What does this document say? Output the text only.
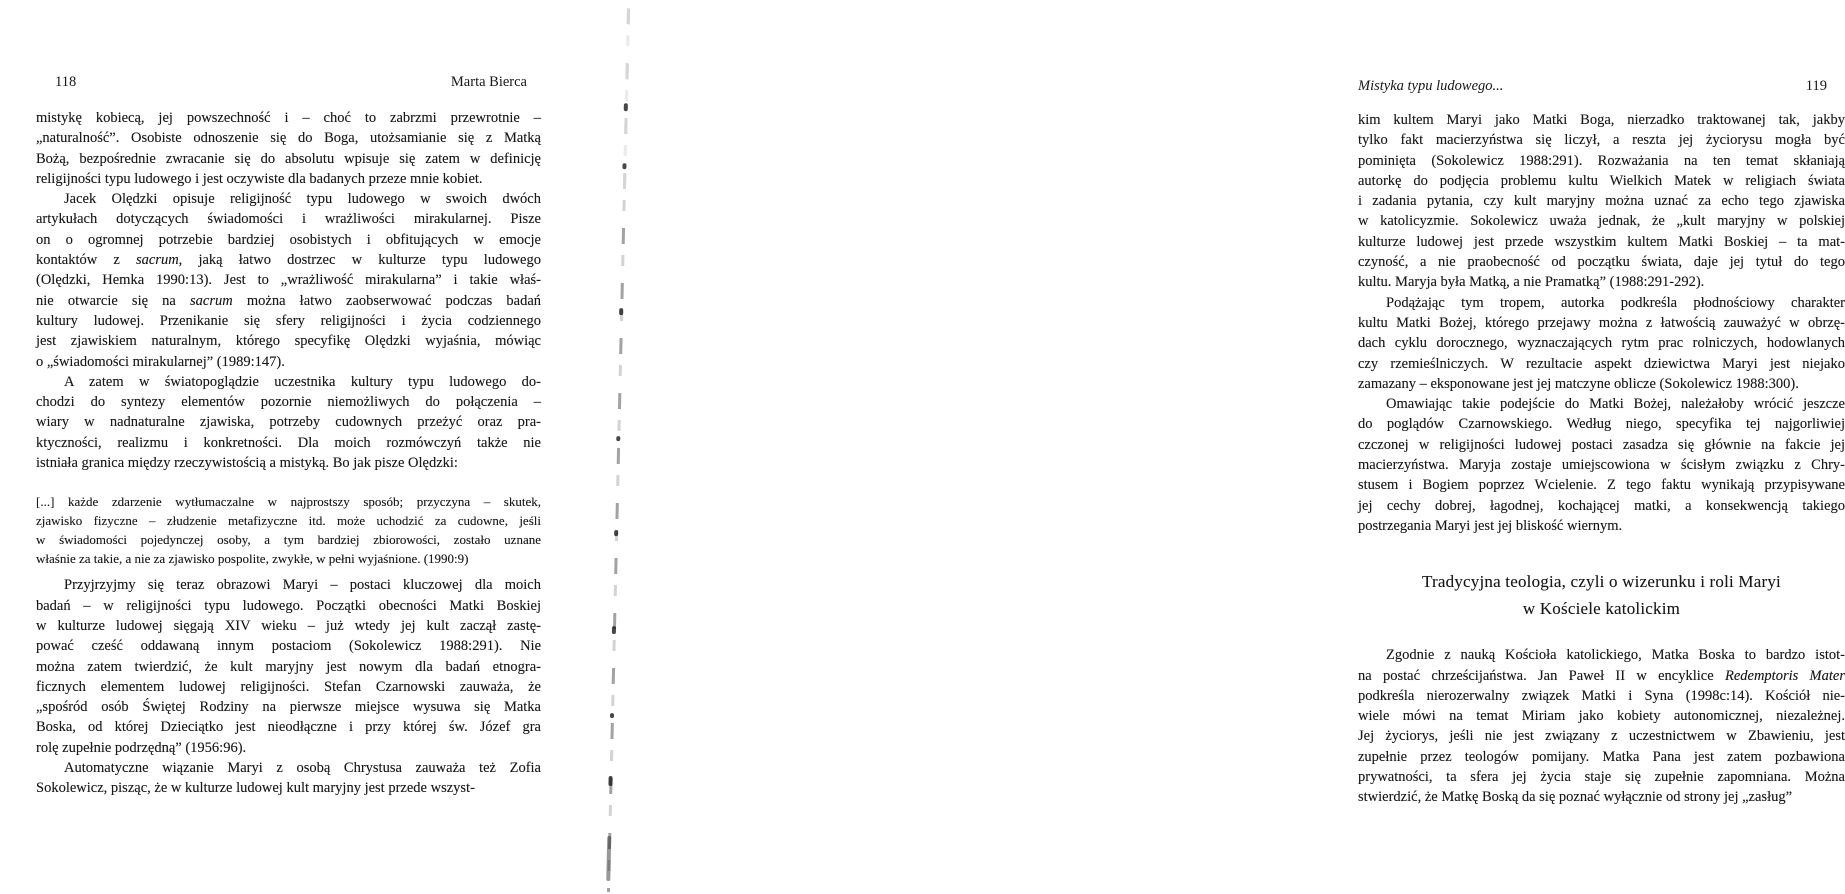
118	Marta Bierca
mistykę kobiecą, jej powszechność i – choć to zabrzmi przewrotnie –
„naturalność”. Osobiste odnoszenie się do Boga, utożsamianie się z Matką
Bożą, bezpośrednie zwracanie się do absolutu wpisuje się zatem w definicję
religijności typu ludowego i jest oczywiste dla badanych przeze mnie kobiet.
Jacek Olędzki opisuje religijność typu ludowego w swoich dwóch
artykułach dotyczących świadomości i wrażliwości mirakularnej. Pisze
on o ogromnej potrzebie bardziej osobistych i obfitujących w emocje
kontaktów z sacrum, jaką łatwo dostrzec w kulturze typu ludowego
(Olędzki, Hemka 1990:13). Jest to „wrażliwość mirakularna” i takie właś-
nie otwarcie się na sacrum można łatwo zaobserwować podczas badań
kultury ludowej. Przenikanie się sfery religijności i życia codziennego
jest zjawiskiem naturalnym, którego specyfikę Olędzki wyjaśnia, mówiąc
o „świadomości mirakularnej” (1989:147).
A zatem w światopoglądzie uczestnika kultury typu ludowego do-
chodzi do syntezy elementów pozornie niemożliwych do połączenia –
wiary w nadnaturalne zjawiska, potrzeby cudownych przeżyć oraz pra-
ktyczności, realizmu i konkretności. Dla moich rozmówczyń także nie
istniała granica między rzeczywistością a mistyką. Bo jak pisze Olędzki:
[...] każde zdarzenie wytłumaczalne w najprostszy sposób; przyczyna – skutek,
zjawisko fizyczne – złudzenie metafizyczne itd. może uchodzić za cudowne, jeśli
w świadomości pojedynczej osoby, a tym bardziej zbiorowości, zostało uznane
właśnie za takie, a nie za zjawisko pospolite, zwykłe, w pełni wyjaśnione. (1990:9)
Przyjrzyjmy się teraz obrazowi Maryi – postaci kluczowej dla moich
badań – w religijności typu ludowego. Początki obecności Matki Boskiej
w kulturze ludowej sięgają XIV wieku – już wtedy jej kult zaczął zastę-
pować cześć oddawaną innym postaciom (Sokolewicz 1988:291). Nie
można zatem twierdzić, że kult maryjny jest nowym dla badań etnogra-
ficznych elementem ludowej religijności. Stefan Czarnowski zauważa, że
„spośród osób Świętej Rodziny na pierwsze miejsce wysuwa się Matka
Boska, od której Dzieciątko jest nieodłączne i przy której św. Józef gra
rolę zupełnie podrzędną” (1956:96).
Automatyczne wiązanie Maryi z osobą Chrystusa zauważa też Zofia
Sokolewicz, pisząc, że w kulturze ludowej kult maryjny jest przede wszyst-
Mistyka typu ludowego...	119
kim kultem Maryi jako Matki Boga, nierzadko traktowanej tak, jakby
tylko fakt macierzyństwa się liczył, a reszta jej życiorysu mogła być
pominięta (Sokolewicz 1988:291). Rozważania na ten temat skłaniają
autorkę do podjęcia problemu kultu Wielkich Matek w religiach świata
i zadania pytania, czy kult maryjny można uznać za echo tego zjawiska
w katolicyzmie. Sokolewicz uważa jednak, że „kult maryjny w polskiej
kulturze ludowej jest przede wszystkim kultem Matki Boskiej – ta mat-
czyność, a nie praobecność od początku świata, daje jej tytuł do tego
kultu. Maryja była Matką, a nie Pramatką” (1988:291-292).
Podążając tym tropem, autorka podkreśla płodnościowy charakter
kultu Matki Bożej, którego przejawy można z łatwością zauważyć w obrzę-
dach cyklu dorocznego, wyznaczających rytm prac rolniczych, hodowlanych
czy rzemieślniczych. W rezultacie aspekt dziewictwa Maryi jest niejako
zamazany – eksponowane jest jej matczyne oblicze (Sokolewicz 1988:300).
Omawiając takie podejście do Matki Bożej, należałoby wrócić jeszcze
do poglądów Czarnowskiego. Według niego, specyfika tej najgorliwiej
czczonej w religijności ludowej postaci zasadza się głównie na fakcie jej
macierzyństwa. Maryja zostaje umiejscowiona w ścisłym związku z Chry-
stusem i Bogiem poprzez Wcielenie. Z tego faktu wynikają przypisywane
jej cechy dobrej, łagodnej, kochającej matki, a konsekwencją takiego
postrzegania Maryi jest jej bliskość wiernym.
Tradycyjna teologia, czyli o wizerunku i roli Maryi
w Kościele katolickim
Zgodnie z nauką Kościoła katolickiego, Matka Boska to bardzo istot-
na postać chrześcijaństwa. Jan Paweł II w encyklice Redemptoris Mater
podkreśla nierozerwalny związek Matki i Syna (1998c:14). Kościół nie-
wiele mówi na temat Miriam jako kobiety autonomicznej, niezależnej.
Jej życiorys, jeśli nie jest związany z uczestnictwem w Zbawieniu, jest
zupełnie przez teologów pomijany. Matka Pana jest zatem pozbawiona
prywatności, ta sfera jej życia staje się zupełnie zapomniana. Można
stwierdzić, że Matkę Boską da się poznać wyłącznie od strony jej „zasług”
